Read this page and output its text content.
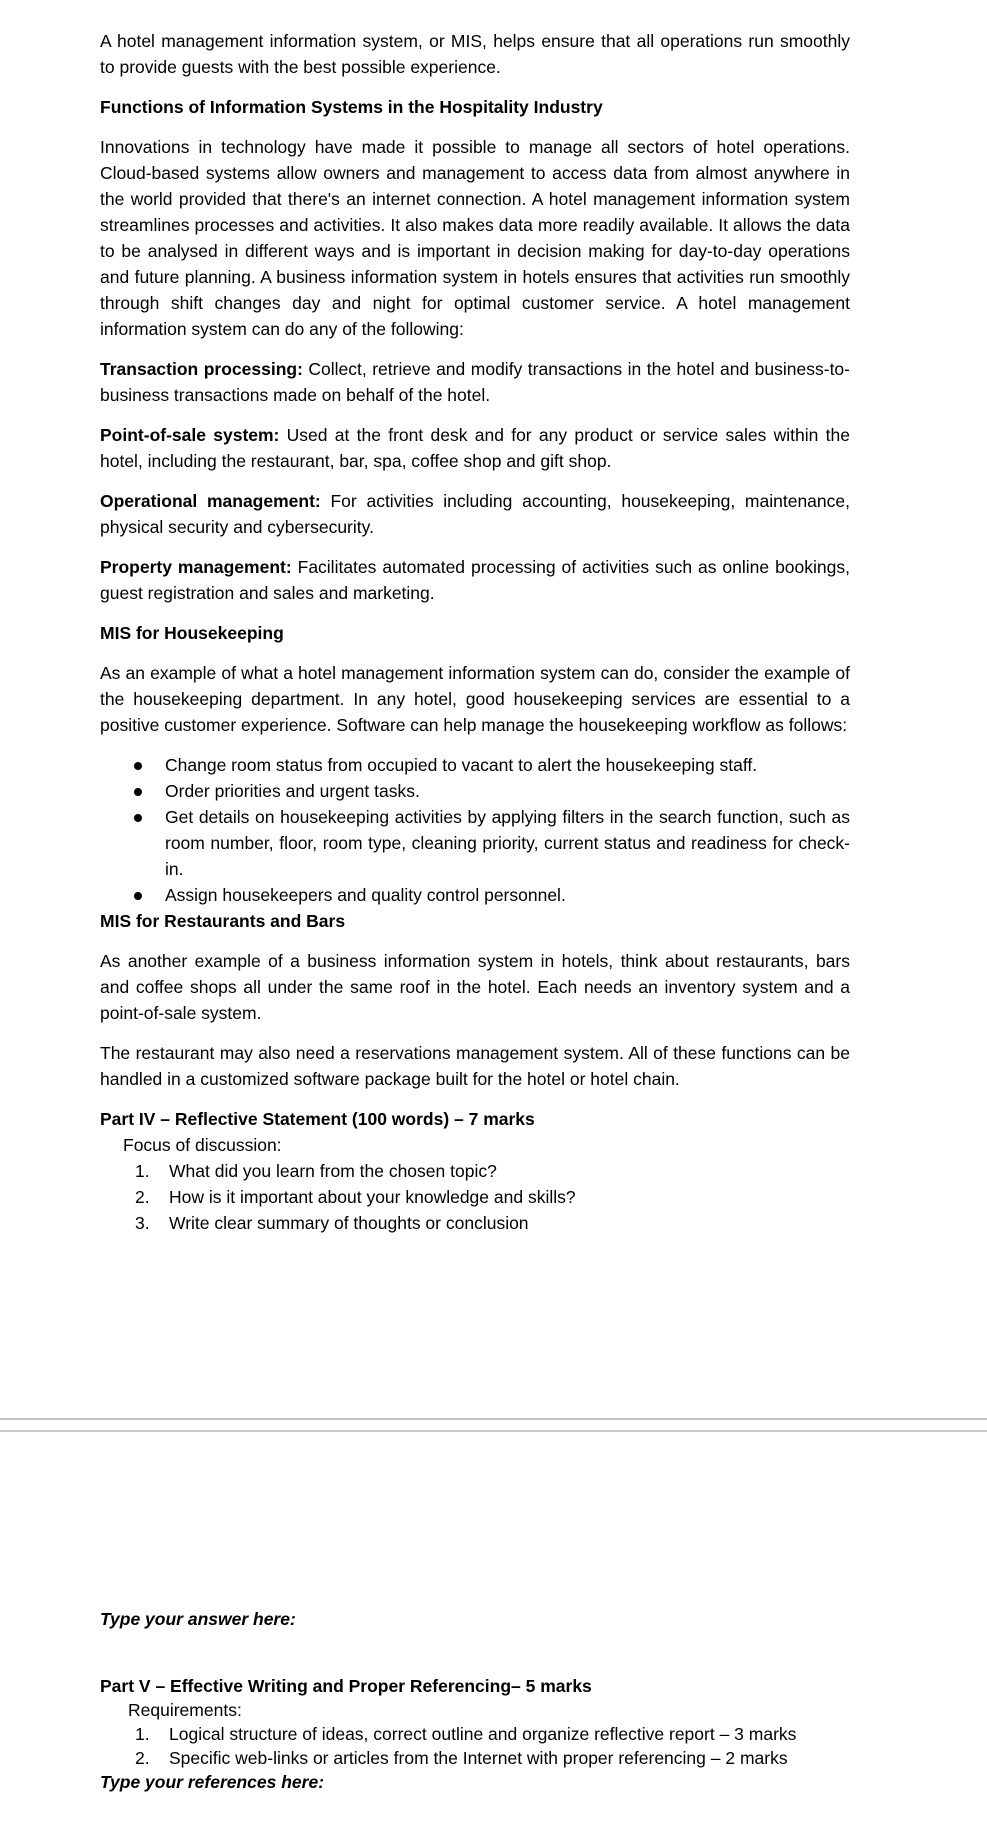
A hotel management information system, or MIS, helps ensure that all operations run smoothly to provide guests with the best possible experience.

Functions of Information Systems in the Hospitality Industry

Innovations in technology have made it possible to manage all sectors of hotel operations. Cloud-based systems allow owners and management to access data from almost anywhere in the world provided that there's an internet connection. A hotel management information system streamlines processes and activities. It also makes data more readily available. It allows the data to be analysed in different ways and is important in decision making for day-to-day operations and future planning. A business information system in hotels ensures that activities run smoothly through shift changes day and night for optimal customer service. A hotel management information system can do any of the following:

Transaction processing: Collect, retrieve and modify transactions in the hotel and business-to-business transactions made on behalf of the hotel.

Point-of-sale system: Used at the front desk and for any product or service sales within the hotel, including the restaurant, bar, spa, coffee shop and gift shop.

Operational management: For activities including accounting, housekeeping, maintenance, physical security and cybersecurity.

Property management: Facilitates automated processing of activities such as online bookings, guest registration and sales and marketing.

MIS for Housekeeping

As an example of what a hotel management information system can do, consider the example of the housekeeping department. In any hotel, good housekeeping services are essential to a positive customer experience. Software can help manage the housekeeping workflow as follows:

Change room status from occupied to vacant to alert the housekeeping staff.
Order priorities and urgent tasks.
Get details on housekeeping activities by applying filters in the search function, such as room number, floor, room type, cleaning priority, current status and readiness for check-in.
Assign housekeepers and quality control personnel.
MIS for Restaurants and Bars

As another example of a business information system in hotels, think about restaurants, bars and coffee shops all under the same roof in the hotel. Each needs an inventory system and a point-of-sale system.

The restaurant may also need a reservations management system. All of these functions can be handled in a customized software package built for the hotel or hotel chain.

Part IV – Reflective Statement (100 words) – 7 marks
Focus of discussion:
1. What did you learn from the chosen topic?
2. How is it important about your knowledge and skills?
3. Write clear summary of thoughts or conclusion
Type your answer here:
Part V – Effective Writing and Proper Referencing– 5 marks
Requirements:
1. Logical structure of ideas, correct outline and organize reflective report – 3 marks
2. Specific web-links or articles from the Internet with proper referencing – 2 marks
Type your references here:
